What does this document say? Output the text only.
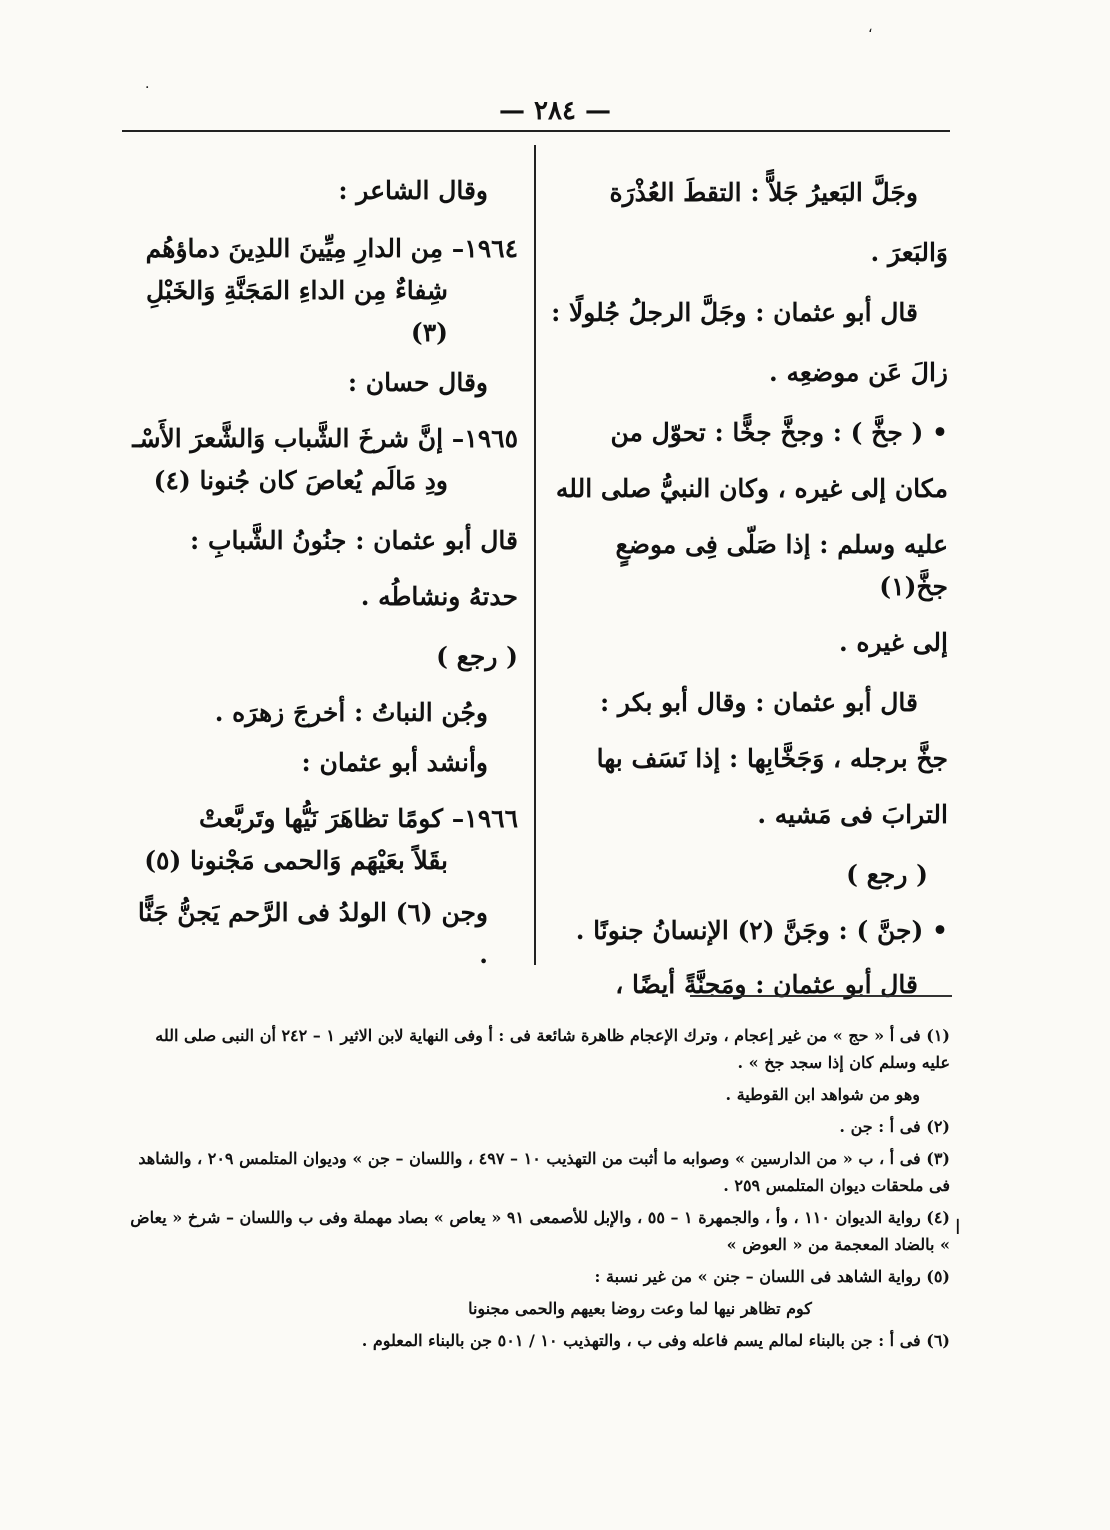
— ٢٨٤ —
،
·
ا

وجَلَّ البَعيرُ جَلاًّ : التقطَ العُذْرَة

وَالبَعرَ .

قال أبو عثمان : وجَلَّ الرجلُ جُلولًا :

زالَ عَن موضعِه .

• ( جخَّ ) : وجخَّ جخًّا : تحوّل من

مكان إلى غيره ، وكان النبيُّ صلى الله

عليه وسلم : إذا صَلّى فِى موضعٍ جخَّ(١)

إلى غيره .

قال أبو عثمان : وقال أبو بكر :

جخَّ برجله ، وَجَخَّابِها : إذا نَسَف بها

الترابَ فى مَشيه .

( رجع )

• (جنَّ ) : وجَنَّ (٢) الإنسانُ جنونًا .

قال أبو عثمان : ومَجنَّةً أيضًا ،

وقال الشاعر :

١٩٦٤– مِن الدارِ مِيِّينَ اللدِينَ دماؤهُم

شِفاءٌ مِن الداءِ المَجَنَّةِ وَالخَبْلِ (٣)

وقال حسان :

١٩٦٥– إنَّ شرخَ الشَّباب وَالشَّعرَ الأَسْـ

ودِ مَالَم يُعاصَ كان جُنونا (٤)

قال أبو عثمان : جنُونُ الشَّبابِ :

حدتهُ ونشاطُه .

( رجع )

وجُن النباتُ : أخرجَ زهرَه .

وأنشد أبو عثمان :

١٩٦٦– كومًا تظاهَرَ نَيُّها وتَربَّعتْ

بقَلاً بعَيْهَم وَالحمى مَجْنونا (٥)

وجن (٦) الولدُ فى الرَّحم يَجنُّ جَنًّا .

(١) فى أ « حج » من غير إعجام ، وترك الإعجام ظاهرة شائعة فى : أ وفى النهاية لابن الاثير ١ – ٢٤٢ أن النبى صلى الله عليه وسلم كان إذا سجد جخ » .

وهو من شواهد ابن القوطية .

(٢) فى أ : جن .

(٣) فى أ ، ب « من الدارسين » وصوابه ما أثبت من التهذيب ١٠ – ٤٩٧ ، واللسان – جن » وديوان المتلمس ٢٠٩ ، والشاهد فى ملحقات ديوان المتلمس ٢٥٩ .

(٤) رواية الديوان ١١٠ ، وأ ، والجمهرة ١ – ٥٥ ، والإبل للأصمعى ٩١ « يعاص » بصاد مهملة وفى ب واللسان – شرخ « يعاض » بالضاد المعجمة من « العوض »

(٥) رواية الشاهد فى اللسان – جنن » من غير نسبة :

كوم تظاهر نيها لما وعت روضا بعيهم والحمى مجنونا

(٦) فى أ : جن بالبناء لمالم يسم فاعله وفى ب ، والتهذيب ١٠ / ٥٠١ جن بالبناء المعلوم .
